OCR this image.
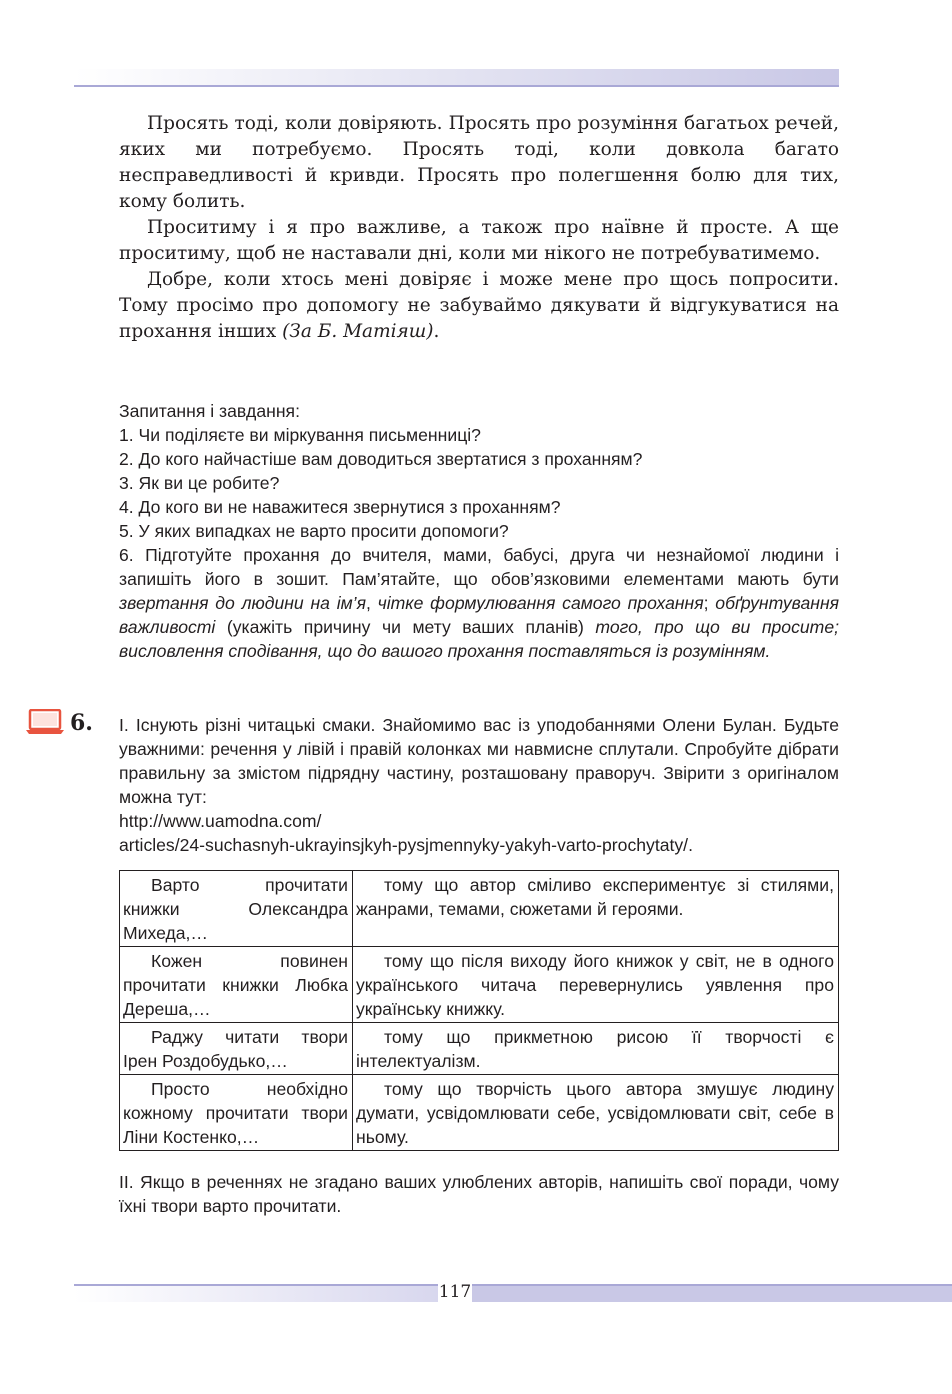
Просять тоді, коли довіряють. Просять про розуміння багатьох речей, яких ми потребуємо. Просять тоді, коли довкола багато несправедливості й кривди. Просять про полегшення болю для тих, кому болить.

Проситиму і я про важливе, а також про наївне й просте. А ще проситиму, щоб не наставали дні, коли ми нікого не потребуватимемо.

Добре, коли хтось мені довіряє і може мене про щось попросити. Тому просімо про допомогу не забуваймо дякувати й відгукуватися на прохання інших (За Б. Матіяш).

Запитання і завдання:

1. Чи поділяєте ви міркування письменниці?

2. До кого найчастіше вам доводиться звертатися з проханням?

3. Як ви це робите?

4. До кого ви не наважитеся звернутися з проханням?

5. У яких випадках не варто просити допомоги?

6. Підготуйте прохання до вчителя, мами, бабусі, друга чи незнайомої людини і запишіть його в зошит. Пам’ятайте, що обов’язковими елементами мають бути звертання до людини на ім’я, чітке формулювання самого прохання; обґрунтування важливості (укажіть причину чи мету ваших планів) того, про що ви просите; висловлення сподівання, що до вашого прохання поставляться із розумінням.

6. І. Існують різні читацькі смаки. Знайомимо вас із уподобаннями Олени Булан. Будьте уважними: речення у лівій і правій колонках ми навмисне сплутали. Спробуйте дібрати правильну за змістом підрядну частину, розташовану праворуч. Звірити з оригіналом можна тут:

http://www.uamodna.com/

articles/24-suchasnyh-ukrayinsjkyh-pysjmennyky-yakyh-varto-prochytaty/.

Варто прочитати книжки Олександра Михеда,…	тому що автор сміливо експериментує зі стилями, жанрами, темами, сюжетами й героями.
Кожен повинен прочитати книжки Любка Дереша,…	тому що після виходу його книжок у світ, не в одного українського читача перевернулись уявлення про українську книжку.
Раджу читати твори Ірен Роздобудько,…	тому що прикметною рисою її творчості є інтелектуалізм.
Просто необхідно кожному прочитати твори Ліни Костенко,…	тому що творчість цього автора змушує людину думати, усвідомлювати себе, усвідомлювати світ, себе в ньому.

ІІ. Якщо в реченнях не згадано ваших улюблених авторів, напишіть свої поради, чому їхні твори варто прочитати.

117
